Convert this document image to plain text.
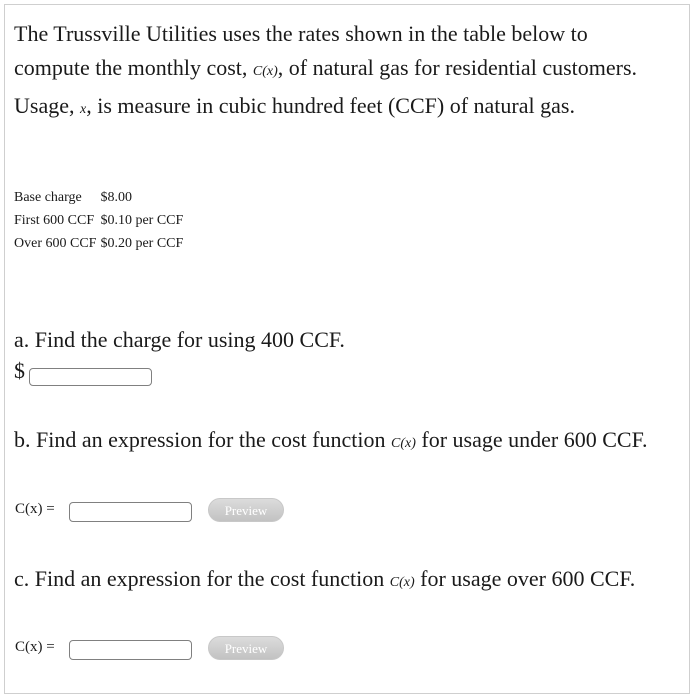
The Trussville Utilities uses the rates shown in the table below to compute the monthly cost, C(x), of natural gas for residential customers. Usage, x, is measure in cubic hundred feet (CCF) of natural gas.

Base charge	$8.00
First 600 CCF	$0.10 per CCF
Over 600 CCF	$0.20 per CCF

a. Find the charge for using 400 CCF.

$

b. Find an expression for the cost function C(x) for usage under 600 CCF.

C(x) =	Preview

c. Find an expression for the cost function C(x) for usage over 600 CCF.

C(x) =	Preview
